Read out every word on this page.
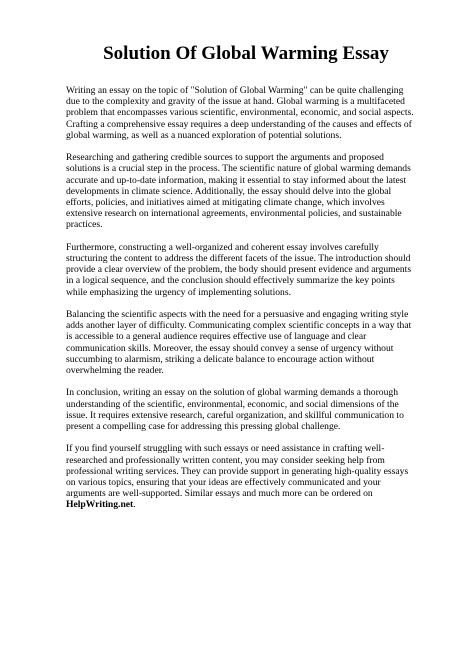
Solution Of Global Warming Essay

Writing an essay on the topic of "Solution of Global Warming" can be quite challenging due to the complexity and gravity of the issue at hand. Global warming is a multifaceted problem that encompasses various scientific, environmental, economic, and social aspects. Crafting a comprehensive essay requires a deep understanding of the causes and effects of global warming, as well as a nuanced exploration of potential solutions.

Researching and gathering credible sources to support the arguments and proposed solutions is a crucial step in the process. The scientific nature of global warming demands accurate and up-to-date information, making it essential to stay informed about the latest developments in climate science. Additionally, the essay should delve into the global efforts, policies, and initiatives aimed at mitigating climate change, which involves extensive research on international agreements, environmental policies, and sustainable practices.

Furthermore, constructing a well-organized and coherent essay involves carefully structuring the content to address the different facets of the issue. The introduction should provide a clear overview of the problem, the body should present evidence and arguments in a logical sequence, and the conclusion should effectively summarize the key points while emphasizing the urgency of implementing solutions.

Balancing the scientific aspects with the need for a persuasive and engaging writing style adds another layer of difficulty. Communicating complex scientific concepts in a way that is accessible to a general audience requires effective use of language and clear communication skills. Moreover, the essay should convey a sense of urgency without succumbing to alarmism, striking a delicate balance to encourage action without overwhelming the reader.

In conclusion, writing an essay on the solution of global warming demands a thorough understanding of the scientific, environmental, economic, and social dimensions of the issue. It requires extensive research, careful organization, and skillful communication to present a compelling case for addressing this pressing global challenge.

If you find yourself struggling with such essays or need assistance in crafting well-researched and professionally written content, you may consider seeking help from professional writing services. They can provide support in generating high-quality essays on various topics, ensuring that your ideas are effectively communicated and your arguments are well-supported. Similar essays and much more can be ordered on HelpWriting.net.
